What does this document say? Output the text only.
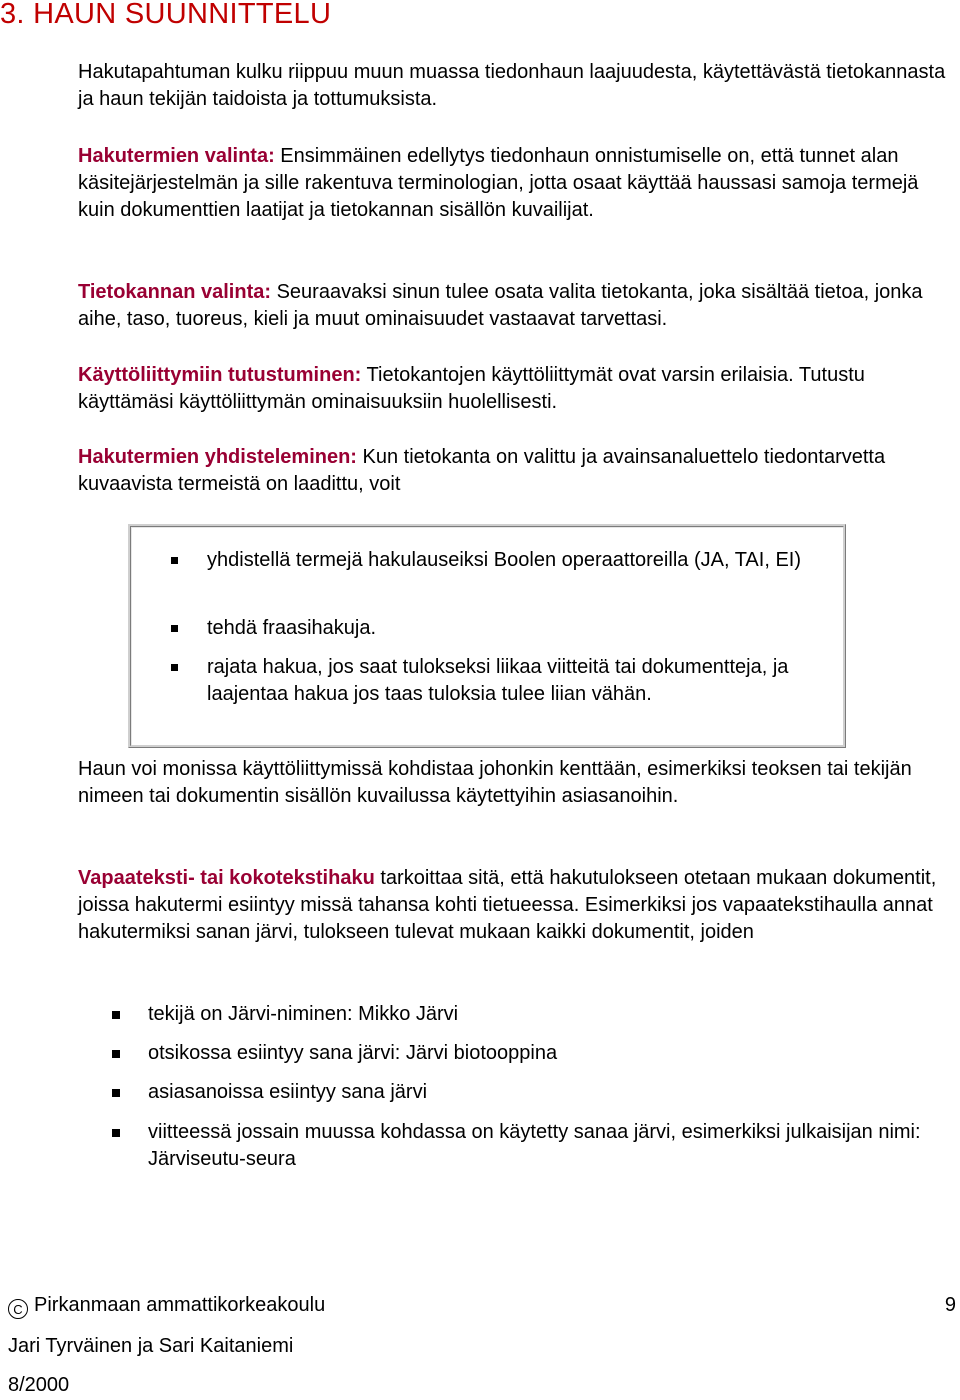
3. HAUN SUUNNITTELU

Hakutapahtuman kulku riippuu muun muassa tiedonhaun laajuudesta, käytettävästä tietokannasta ja haun tekijän taidoista ja tottumuksista.

Hakutermien valinta: Ensimmäinen edellytys tiedonhaun onnistumiselle on, että tunnet alan käsitejärjestelmän ja sille rakentuva terminologian, jotta osaat käyttää haussasi samoja termejä kuin dokumenttien laatijat ja tietokannan sisällön kuvailijat.

Tietokannan valinta: Seuraavaksi sinun tulee osata valita tietokanta, joka sisältää tietoa, jonka aihe, taso, tuoreus, kieli ja muut ominaisuudet vastaavat tarvettasi.

Käyttöliittymiin tutustuminen: Tietokantojen käyttöliittymät ovat varsin erilaisia. Tutustu käyttämäsi käyttöliittymän ominaisuuksiin huolellisesti.

Hakutermien yhdisteleminen: Kun tietokanta on valittu ja avainsanaluettelo tiedontarvetta kuvaavista termeistä on laadittu, voit

yhdistellä termejä hakulauseiksi Boolen operaattoreilla (JA, TAI, EI)
tehdä fraasihakuja.
rajata hakua, jos saat tulokseksi liikaa viitteitä tai dokumentteja, ja laajentaa hakua jos taas tuloksia tulee liian vähän.

Haun voi monissa käyttöliittymissä kohdistaa johonkin kenttään, esimerkiksi teoksen tai tekijän nimeen tai dokumentin sisällön kuvailussa käytettyihin asiasanoihin.

Vapaateksti- tai kokotekstihaku tarkoittaa sitä, että hakutulokseen otetaan mukaan dokumentit, joissa hakutermi esiintyy missä tahansa kohti tietueessa. Esimerkiksi jos vapaatekstihaulla annat hakutermiksi sanan järvi, tulokseen tulevat mukaan kaikki dokumentit, joiden

tekijä on Järvi-niminen: Mikko Järvi
otsikossa esiintyy sana järvi: Järvi biotooppina
asiasanoissa esiintyy sana järvi
viitteessä jossain muussa kohdassa on käytetty sanaa järvi, esimerkiksi julkaisijan nimi: Järviseutu-seura
C Pirkanmaan ammattikorkeakoulu	9
Jari Tyrväinen ja Sari Kaitaniemi
8/2000
